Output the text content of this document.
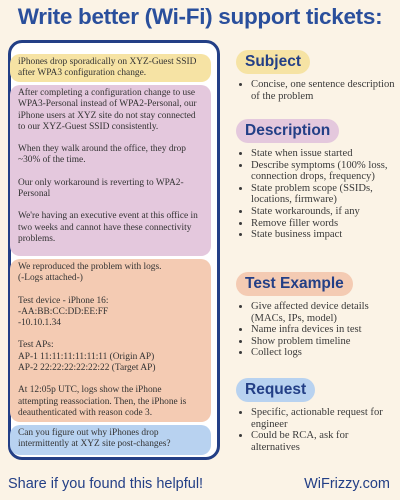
Write better (Wi-Fi) support tickets:

iPhones drop sporadically on XYZ-Guest SSID after WPA3 configuration change.

After completing a configuration change to use WPA3-Personal instead of WPA2-Personal, our iPhone users at XYZ site do not stay connected to our XYZ-Guest SSID consistently.

When they walk around the office, they drop ~30% of the time.

Our only workaround is reverting to WPA2-Personal

We're having an executive event at this office in two weeks and cannot have these connectivity problems.

We reproduced the problem with logs.

(-Logs attached-)

Test device - iPhone 16:

-AA:BB:CC:DD:EE:FF

-10.10.1.34

Test APs:

AP-1 11:11:11:11:11:11 (Origin AP)

AP-2 22:22:22:22:22:22 (Target AP)

At 12:05p UTC, logs show the iPhone attempting reassociation. Then, the iPhone is deauthenticated with reason code 3.

Can you figure out why iPhones drop intermittently at XYZ site post-changes?

Subject
• Concise, one sentence description of the problem
Description
• State when issue started
• Describe symptoms (100% loss, connection drops, frequency)
• State problem scope (SSIDs, locations, firmware)
• State workarounds, if any
• Remove filler words
• State business impact
Test Example
• Give affected device details (MACs, IPs, model)
• Name infra devices in test
• Show problem timeline
• Collect logs
Request
• Specific, actionable request for engineer
• Could be RCA, ask for alternatives
Share if you found this helpful!	WiFrizzy.com
